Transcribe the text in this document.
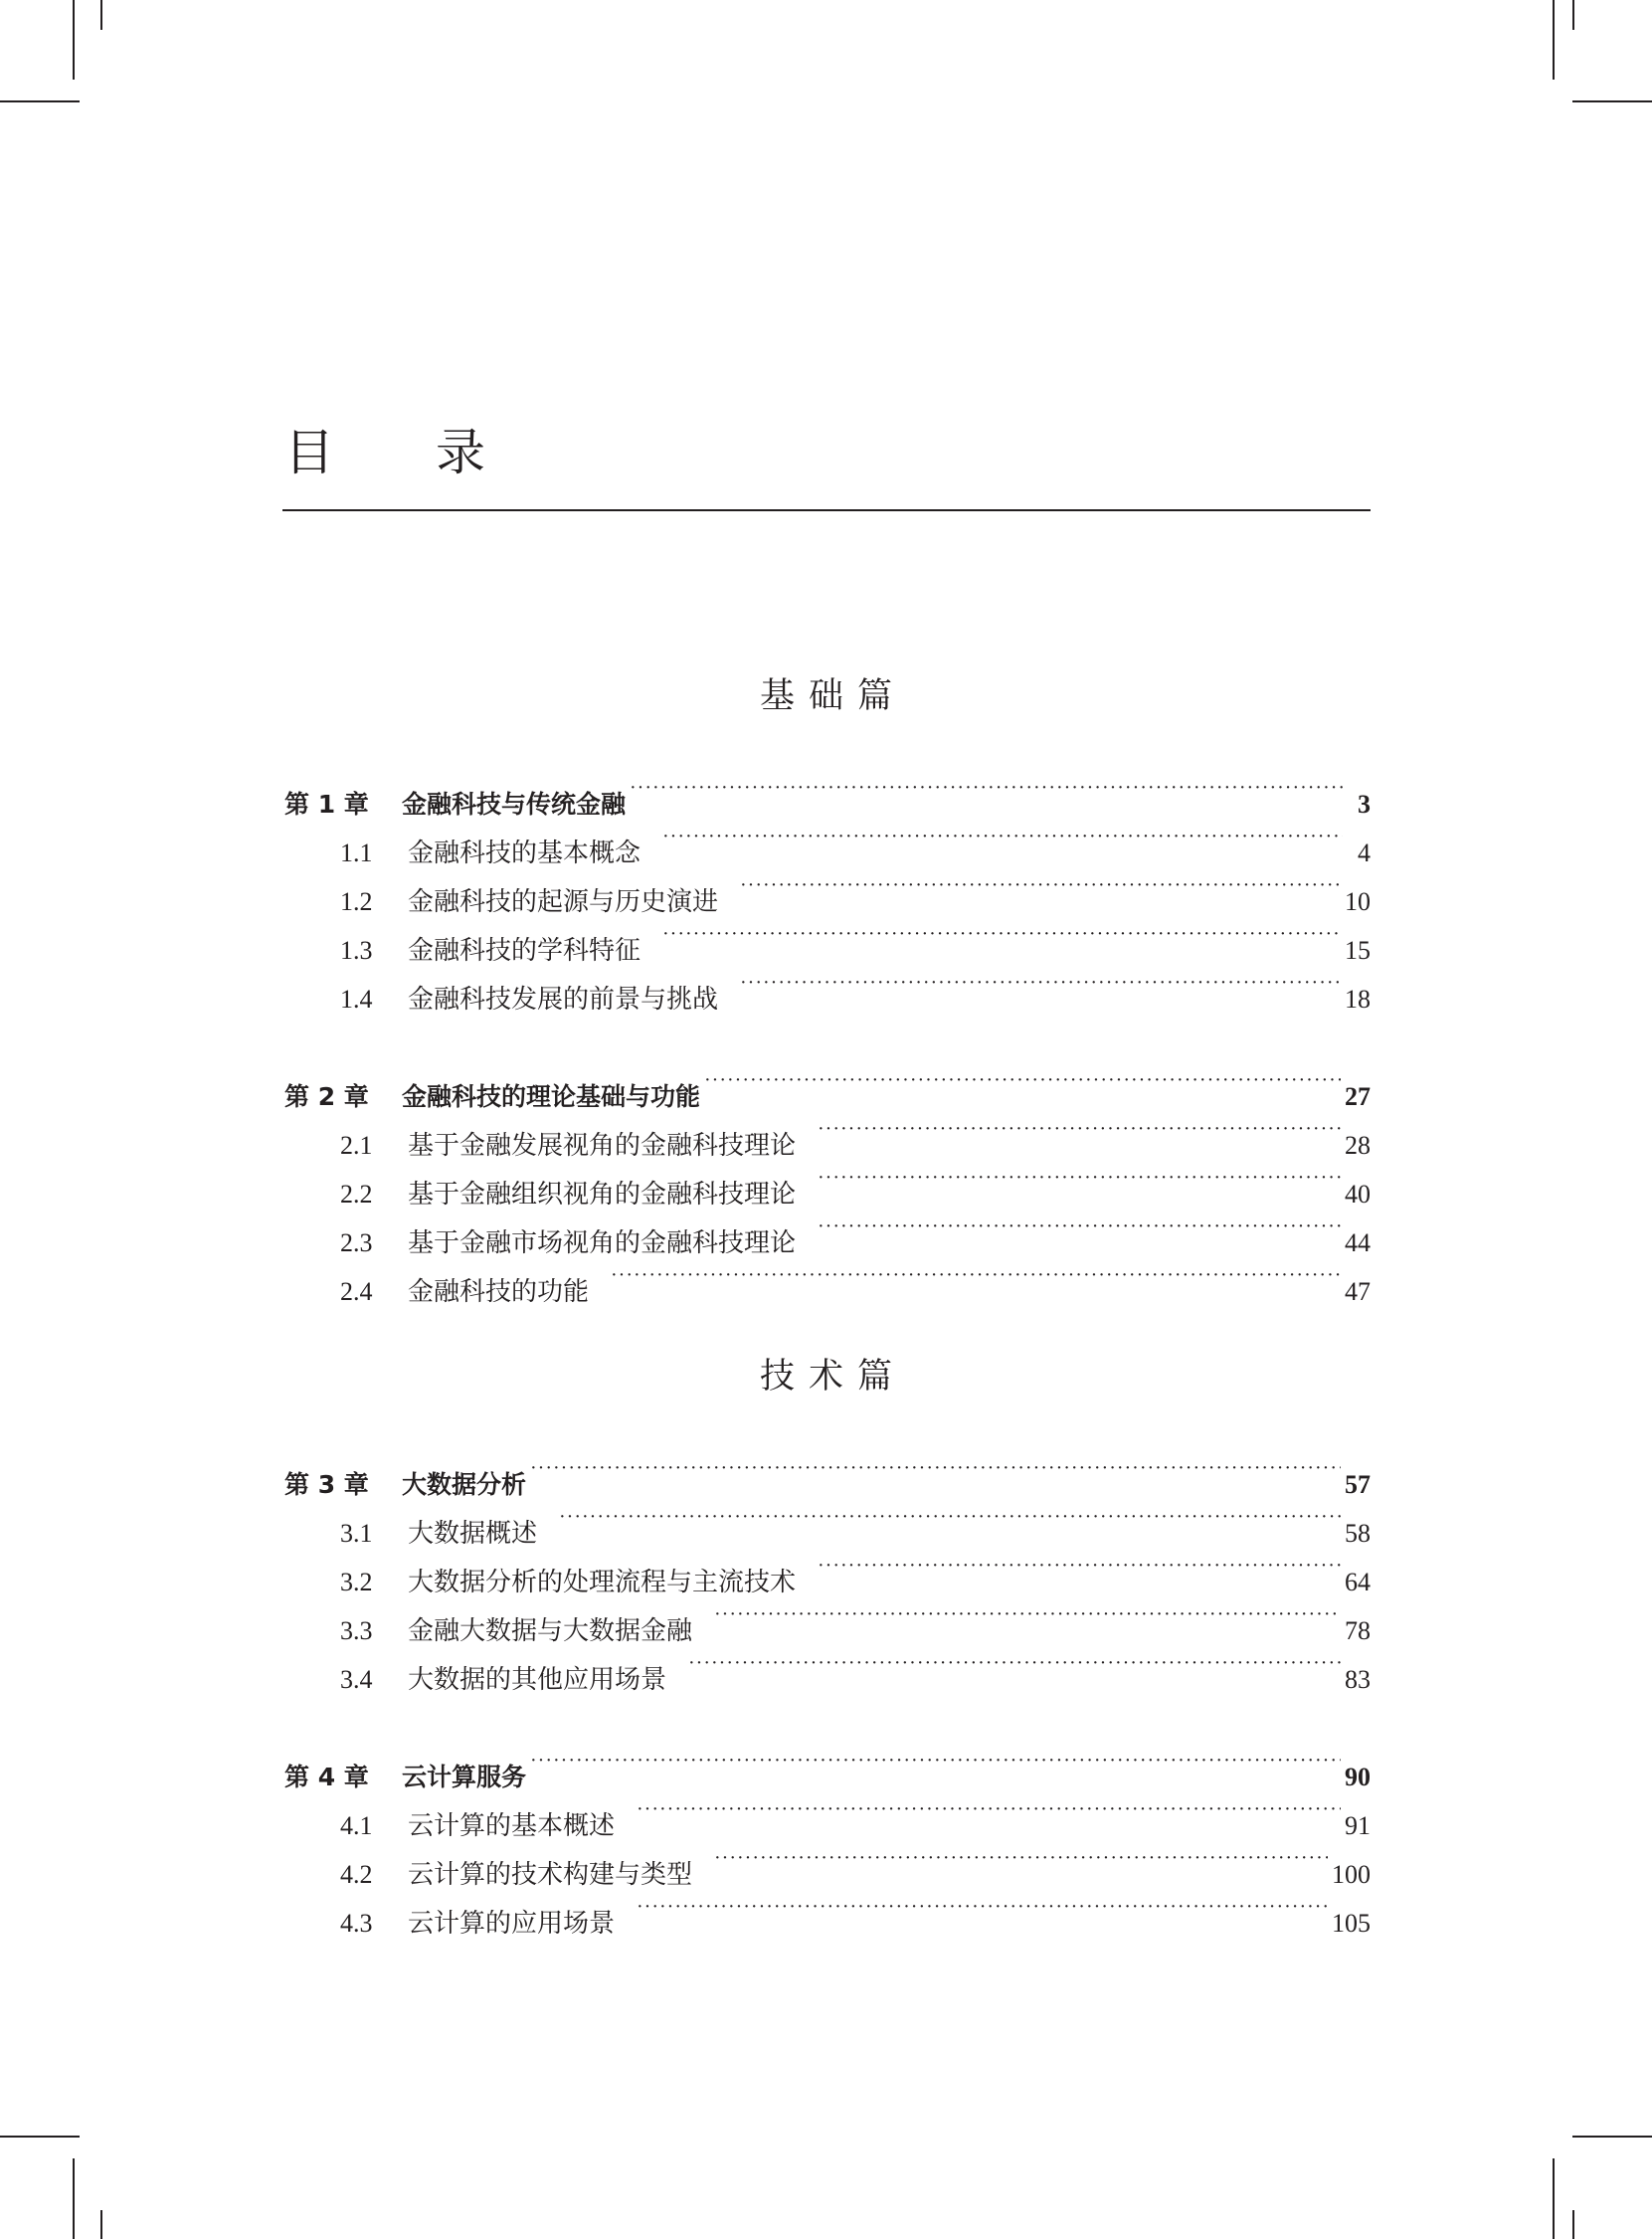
目 录
基础篇
第 1 章	金融科技与传统金融 ·····	3
1.1	金融科技的基本概念 ·····	4
1.2	金融科技的起源与历史演进 ·····	10
1.3	金融科技的学科特征 ·····	15
1.4	金融科技发展的前景与挑战 ·····	18
第 2 章	金融科技的理论基础与功能 ·····	27
2.1	基于金融发展视角的金融科技理论 ·····	28
2.2	基于金融组织视角的金融科技理论 ·····	40
2.3	基于金融市场视角的金融科技理论 ·····	44
2.4	金融科技的功能 ·····	47
技术篇
第 3 章	大数据分析 ·····	57
3.1	大数据概述 ·····	58
3.2	大数据分析的处理流程与主流技术 ·····	64
3.3	金融大数据与大数据金融 ·····	78
3.4	大数据的其他应用场景 ·····	83
第 4 章	云计算服务 ·····	90
4.1	云计算的基本概述 ·····	91
4.2	云计算的技术构建与类型 ·····	100
4.3	云计算的应用场景 ·····	105
